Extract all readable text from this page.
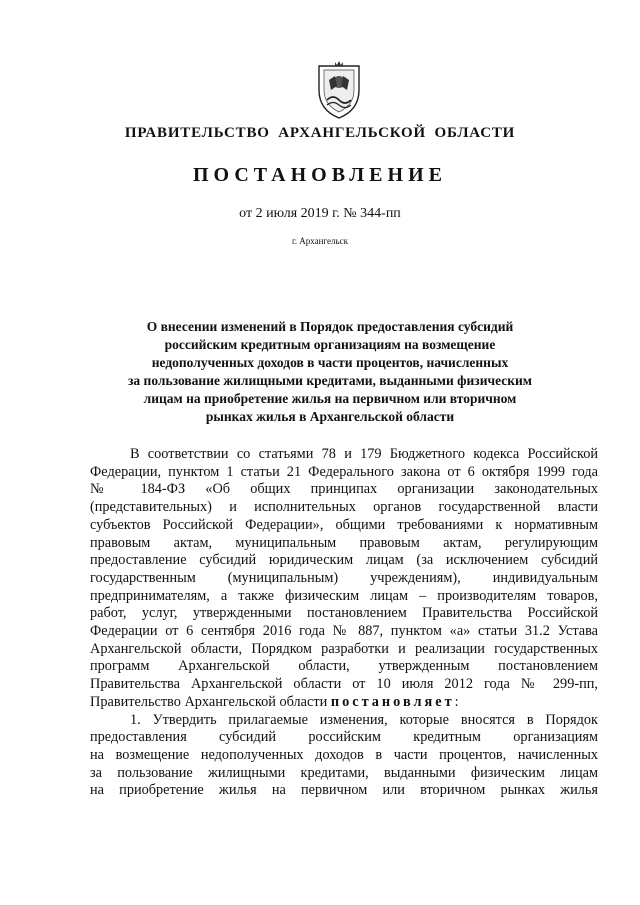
ПРАВИТЕЛЬСТВО АРХАНГЕЛЬСКОЙ ОБЛАСТИ
ПОСТАНОВЛЕНИЕ
от 2 июля 2019 г. № 344-пп
г. Архангельск
О внесении изменений в Порядок предоставления субсидий
российским кредитным организациям на возмещение
недополученных доходов в части процентов, начисленных
за пользование жилищными кредитами, выданными физическим
лицам на приобретение жилья на первичном или вторичном
рынках жилья в Архангельской области
В соответствии со статьями 78 и 179 Бюджетного кодекса Российской
Федерации, пунктом 1 статьи 21 Федерального закона от 6 октября 1999 года
№ 184-ФЗ «Об общих принципах организации законодательных
(представительных) и исполнительных органов государственной власти
субъектов Российской Федерации», общими требованиями к нормативным
правовым актам, муниципальным правовым актам, регулирующим
предоставление субсидий юридическим лицам (за исключением субсидий
государственным (муниципальным) учреждениям), индивидуальным
предпринимателям, а также физическим лицам – производителям товаров,
работ, услуг, утвержденными постановлением Правительства Российской
Федерации от 6 сентября 2016 года № 887, пунктом «а» статьи 31.2 Устава
Архангельской области, Порядком разработки и реализации государственных
программ Архангельской области, утвержденным постановлением
Правительства Архангельской области от 10 июля 2012 года № 299-пп,
Правительство Архангельской области постановляет:
1. Утвердить прилагаемые изменения, которые вносятся в Порядок
предоставления субсидий российским кредитным организациям
на возмещение недополученных доходов в части процентов, начисленных
за пользование жилищными кредитами, выданными физическим лицам
на приобретение жилья на первичном или вторичном рынках жилья
